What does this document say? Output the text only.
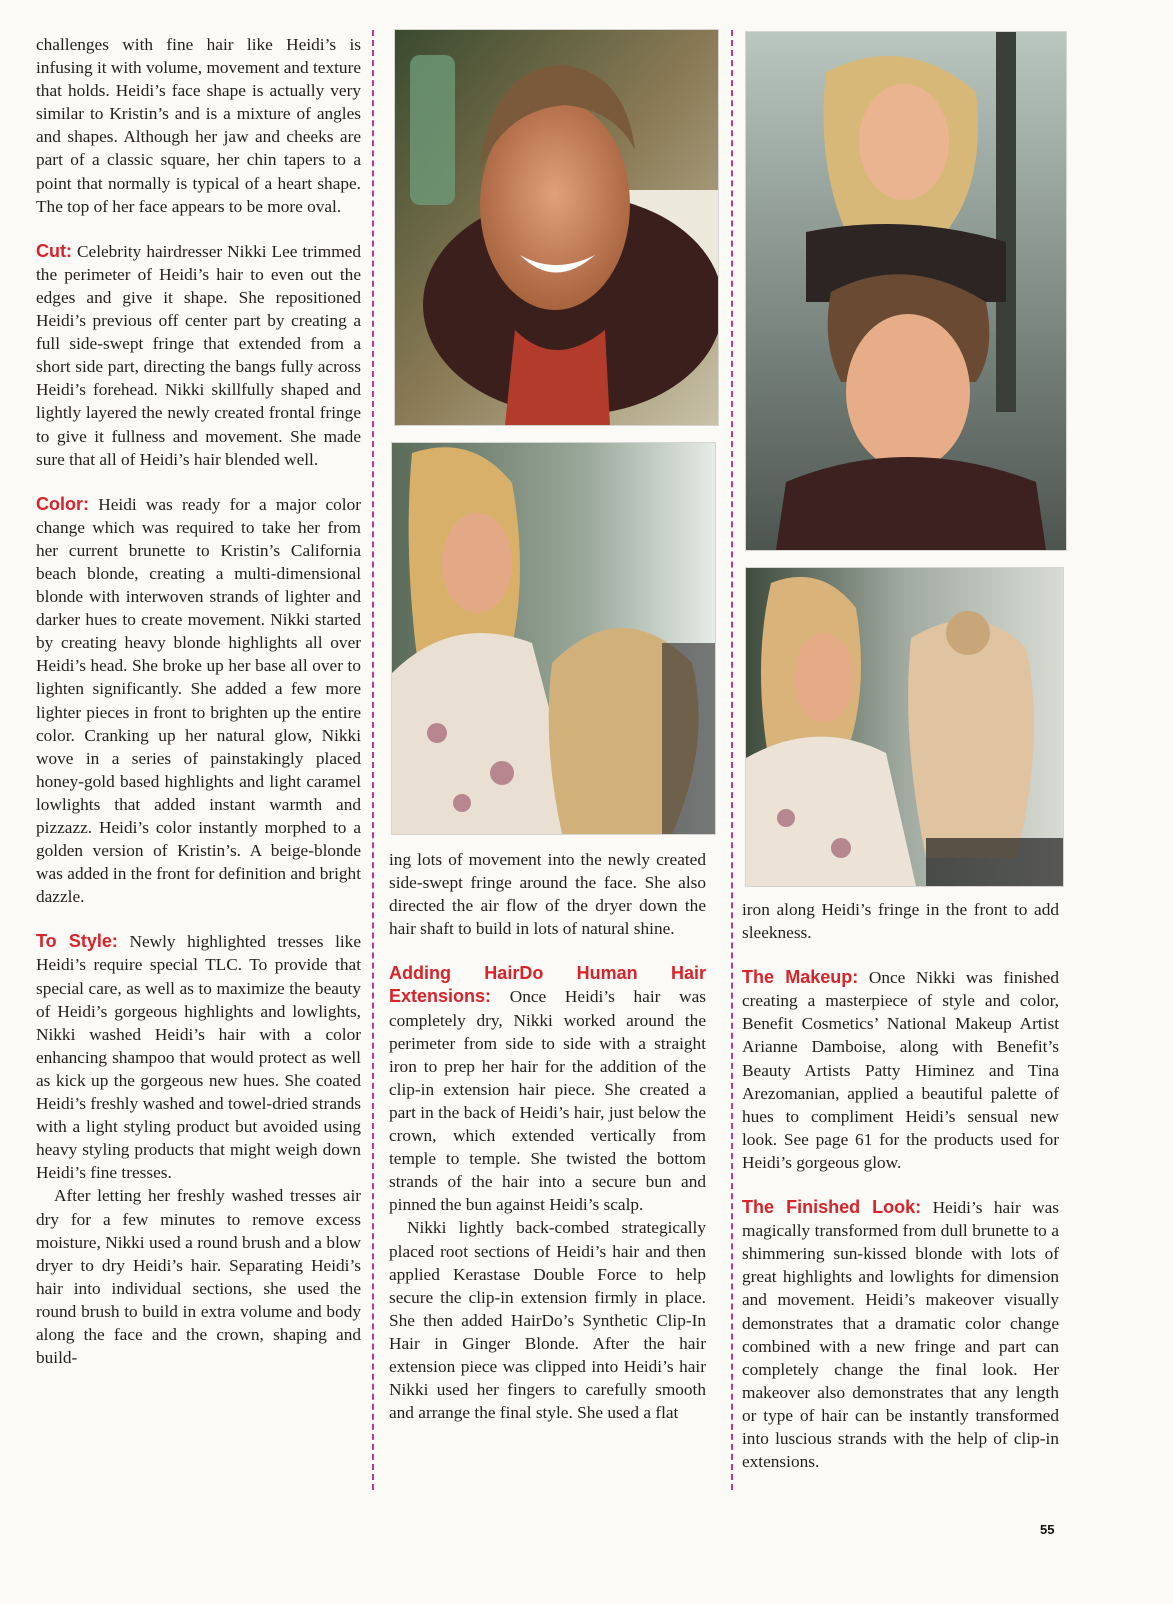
challenges with fine hair like Heidi’s is infusing it with volume, movement and texture that holds. Heidi’s face shape is actually very similar to Kristin’s and is a mixture of angles and shapes. Although her jaw and cheeks are part of a classic square, her chin tapers to a point that normally is typical of a heart shape. The top of her face appears to be more oval.

Cut: Celebrity hairdresser Nikki Lee trimmed the perimeter of Heidi’s hair to even out the edges and give it shape. She repositioned Heidi’s previous off center part by creating a full side-swept fringe that extended from a short side part, directing the bangs fully across Heidi’s forehead. Nikki skillfully shaped and lightly layered the newly created frontal fringe to give it fullness and movement. She made sure that all of Heidi’s hair blended well.

Color: Heidi was ready for a major color change which was required to take her from her current brunette to Kristin’s California beach blonde, creating a multi-dimensional blonde with interwoven strands of lighter and darker hues to create movement. Nikki started by creating heavy blonde highlights all over Heidi’s head. She broke up her base all over to lighten significantly. She added a few more lighter pieces in front to brighten up the entire color. Cranking up her natural glow, Nikki wove in a series of painstakingly placed honey-gold based highlights and light caramel lowlights that added instant warmth and pizzazz. Heidi’s color instantly morphed to a golden version of Kristin’s. A beige-blonde was added in the front for definition and bright dazzle.

To Style: Newly highlighted tresses like Heidi’s require special TLC. To provide that special care, as well as to maximize the beauty of Heidi’s gorgeous highlights and lowlights, Nikki washed Heidi’s hair with a color enhancing shampoo that would protect as well as kick up the gorgeous new hues. She coated Heidi’s freshly washed and towel-dried strands with a light styling product but avoided using heavy styling products that might weigh down Heidi’s fine tresses.

After letting her freshly washed tresses air dry for a few minutes to remove excess moisture, Nikki used a round brush and a blow dryer to dry Heidi’s hair. Separating Heidi’s hair into individual sections, she used the round brush to build in extra volume and body along the face and the crown, shaping and build-

ing lots of movement into the newly created side-swept fringe around the face. She also directed the air flow of the dryer down the hair shaft to build in lots of natural shine.

Adding HairDo Human Hair Extensions: Once Heidi’s hair was completely dry, Nikki worked around the perimeter from side to side with a straight iron to prep her hair for the addition of the clip-in extension hair piece. She created a part in the back of Heidi’s hair, just below the crown, which extended vertically from temple to temple. She twisted the bottom strands of the hair into a secure bun and pinned the bun against Heidi’s scalp.

Nikki lightly back-combed strategically placed root sections of Heidi’s hair and then applied Kerastase Double Force to help secure the clip-in extension firmly in place. She then added HairDo’s Synthetic Clip-In Hair in Ginger Blonde. After the hair extension piece was clipped into Heidi’s hair Nikki used her fingers to carefully smooth and arrange the final style. She used a flat

iron along Heidi’s fringe in the front to add sleekness.

The Makeup: Once Nikki was finished creating a masterpiece of style and color, Benefit Cosmetics’ National Makeup Artist Arianne Damboise, along with Benefit’s Beauty Artists Patty Himinez and Tina Arezomanian, applied a beautiful palette of hues to compliment Heidi’s sensual new look. See page 61 for the products used for Heidi’s gorgeous glow.

The Finished Look: Heidi’s hair was magically transformed from dull brunette to a shimmering sun-kissed blonde with lots of great highlights and lowlights for dimension and movement. Heidi’s makeover visually demonstrates that a dramatic color change combined with a new fringe and part can completely change the final look. Her makeover also demonstrates that any length or type of hair can be instantly transformed into luscious strands with the help of clip-in extensions.

55
